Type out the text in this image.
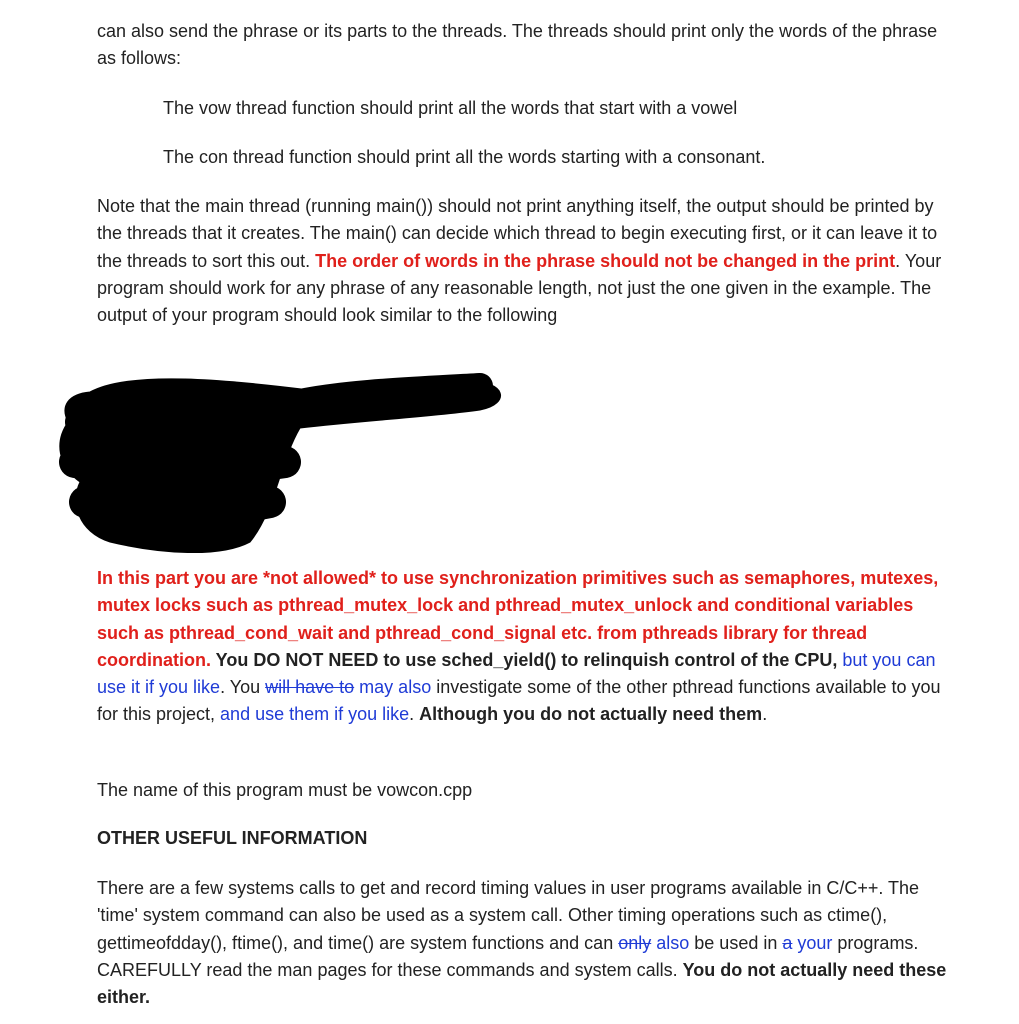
can also send the phrase or its parts to the threads. The threads should print only the words of the phrase as follows:

The vow thread function should print all the words that start with a vowel

The con thread function should print all the words starting with a consonant.

Note that the main thread (running main()) should not print anything itself, the output should be printed by the threads that it creates. The main() can decide which thread to begin executing first, or it can leave it to the threads to sort this out. The order of words in the phrase should not be changed in the print. Your program should work for any phrase of any reasonable length, not just the one given in the example. The output of your program should look similar to the following

In this part you are *not allowed* to use synchronization primitives such as semaphores, mutexes, mutex locks such as pthread_mutex_lock and pthread_mutex_unlock and conditional variables such as pthread_cond_wait and pthread_cond_signal etc. from pthreads library for thread coordination. You DO NOT NEED to use sched_yield() to relinquish control of the CPU, but you can use it if you like. You will have to may also investigate some of the other pthread functions available to you for this project, and use them if you like. Although you do not actually need them.

The name of this program must be vowcon.cpp

OTHER USEFUL INFORMATION

There are a few systems calls to get and record timing values in user programs available in C/C++. The 'time' system command can also be used as a system call. Other timing operations such as ctime(), gettimeofdday(), ftime(), and time() are system functions and can only also be used in a your programs. CAREFULLY read the man pages for these commands and system calls. You do not actually need these either.
